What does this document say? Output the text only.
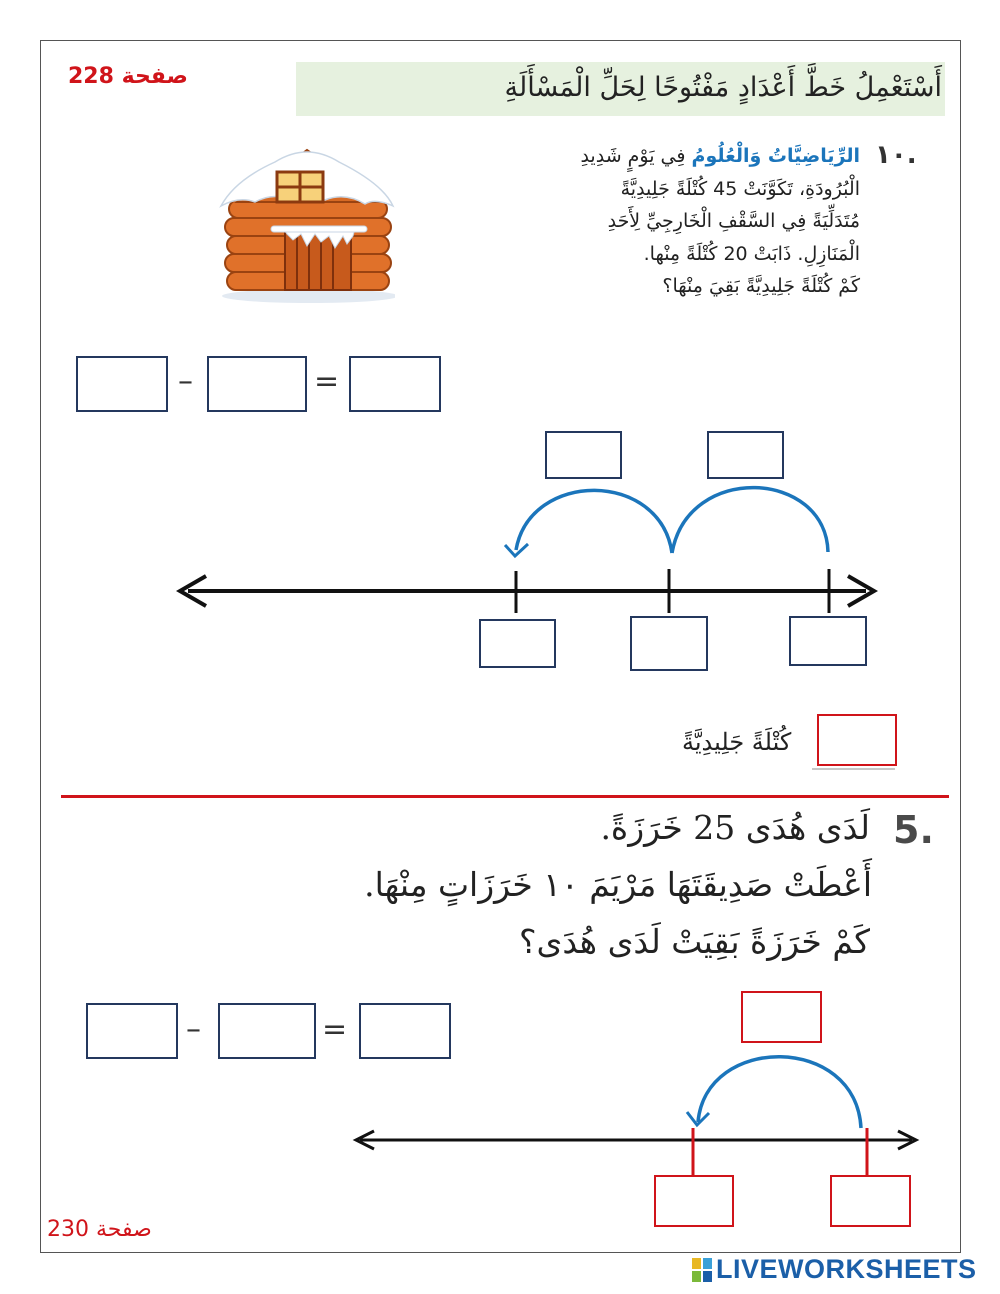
صفحة 228	أَسْتَعْمِلُ خَطَّ أَعْدَادٍ مَفْتُوحًا لِحَلِّ الْمَسْأَلَةِ
١٠.
الرِّيَاضِيَّاتُ وَالْعُلُومُ فِي يَوْمٍ شَدِيدِ
الْبُرُودَةِ، تَكَوَّنَتْ 45 كُتْلَةً جَلِيدِيَّةً
مُتَدَلِّيَةً فِي السَّقْفِ الْخَارِجِيِّ لِأَحَدِ
الْمَنَازِلِ. ذَابَتْ 20 كُتْلَةً مِنْها.
كَمْ كُتْلَةً جَلِيدِيَّةً بَقِيَ مِنْهَا؟
–	=
كُتْلَةً جَلِيدِيَّةً
5.
لَدَى هُدَى 25 خَرَزَةً.
أَعْطَتْ صَدِيقَتَهَا مَرْيَمَ ١٠ خَرَزَاتٍ مِنْهَا.
كَمْ خَرَزَةً بَقِيَتْ لَدَى هُدَى؟
–	=
صفحة 230
LIVEWORKSHEETS
